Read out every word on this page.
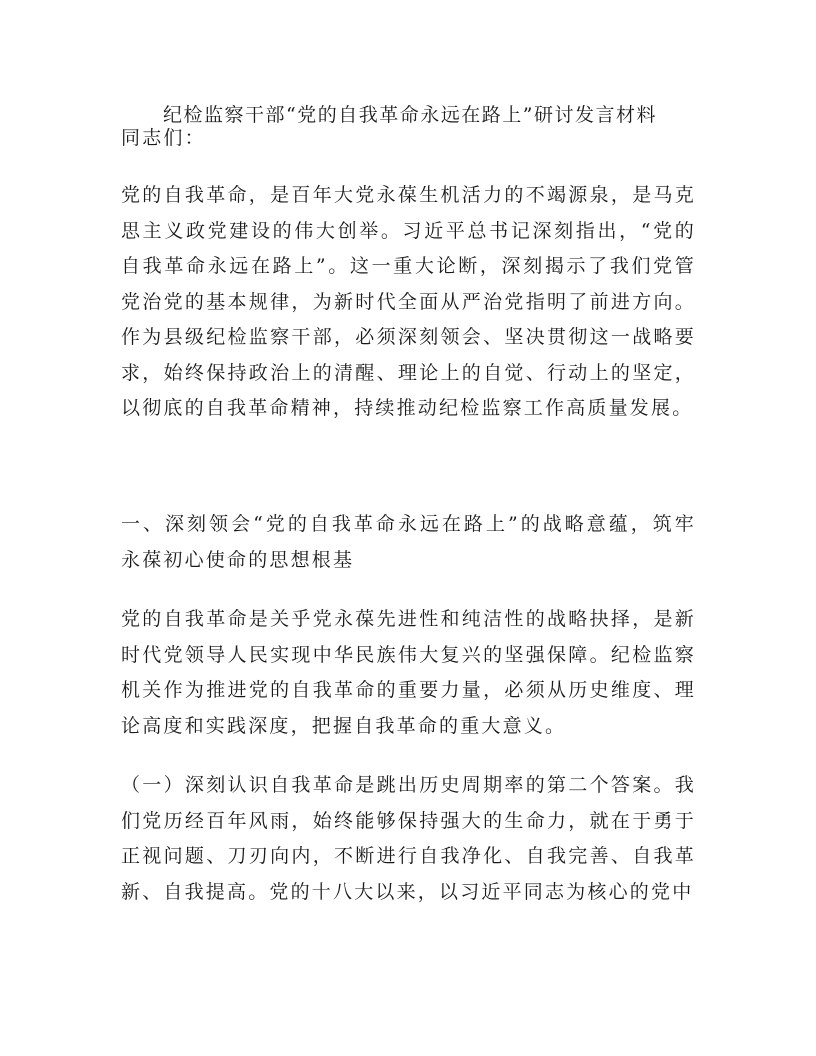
纪检监察干部“党的自我革命永远在路上”研讨发言材料

同志们：

党的自我革命，是百年大党永葆生机活力的不竭源泉，是马克思主义政党建设的伟大创举。习近平总书记深刻指出，“党的自我革命永远在路上”。这一重大论断，深刻揭示了我们党管党治党的基本规律，为新时代全面从严治党指明了前进方向。作为县级纪检监察干部，必须深刻领会、坚决贯彻这一战略要求，始终保持政治上的清醒、理论上的自觉、行动上的坚定，以彻底的自我革命精神，持续推动纪检监察工作高质量发展。

一、深刻领会“党的自我革命永远在路上”的战略意蕴，筑牢永葆初心使命的思想根基

党的自我革命是关乎党永葆先进性和纯洁性的战略抉择，是新时代党领导人民实现中华民族伟大复兴的坚强保障。纪检监察机关作为推进党的自我革命的重要力量，必须从历史维度、理论高度和实践深度，把握自我革命的重大意义。

（一）深刻认识自我革命是跳出历史周期率的第二个答案。我们党历经百年风雨，始终能够保持强大的生命力，就在于勇于正视问题、刀刃向内，不断进行自我净化、自我完善、自我革新、自我提高。党的十八大以来，以习近平同志为核心的党中
